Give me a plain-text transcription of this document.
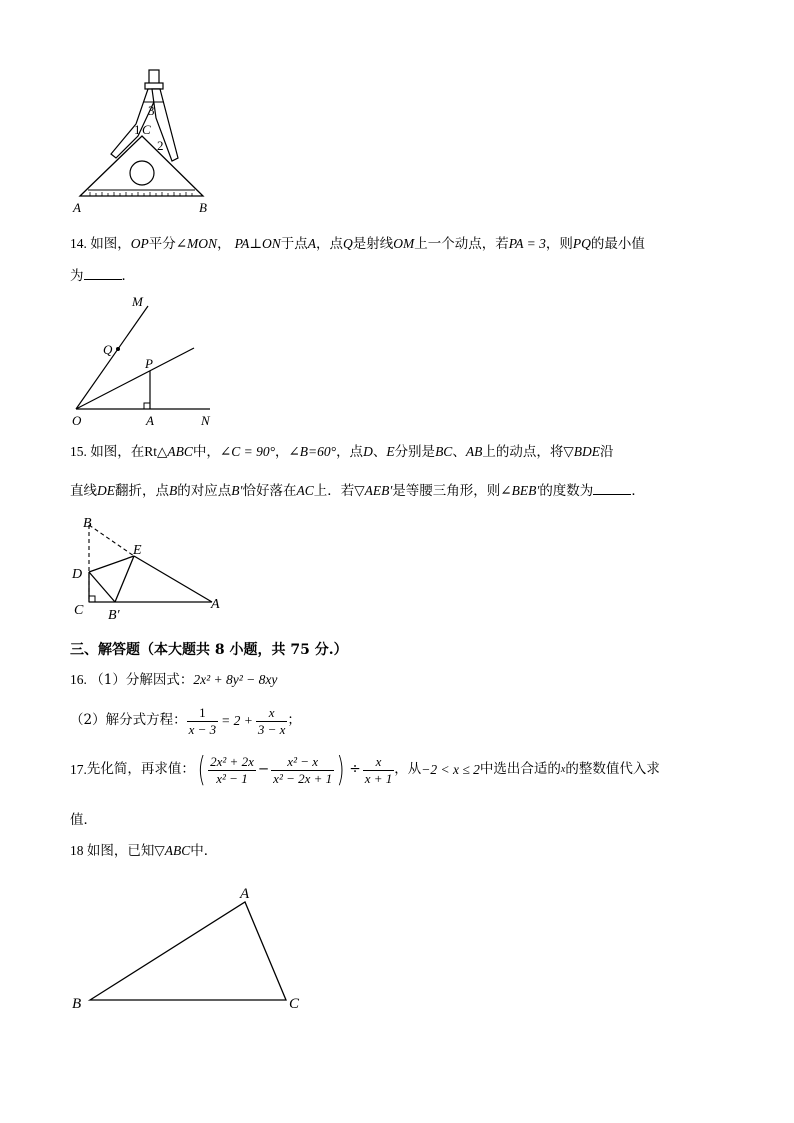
3
1 C
2
A	B
14. 如图，OP平分∠MON， PA⊥ON于点A，点Q是射线OM上一个动点，若PA = 3，则PQ的最小值
为	．
M
Q
P
O	A	N
15. 如图，在Rt△ABC中，∠C = 90°，∠B=60°，点D、E分别是BC、AB上的动点，将▽BDE沿
直线DE翻折，点B的对应点B′恰好落在AC上．若▽AEB′是等腰三角形，则∠BEB′的度数为	．
B
E
D
C B′
A
三、解答题（本大题共 8 小题，共 75 分.）
16. （1）分解因式：2x² + 8y² − 8xy
（2）解分式方程： $\frac{1}{x - 3} = 2 + \frac{x}{3 - x}$ ；
17. 先化简，再求值： ( $\frac{\text{2x² + 2x}}{\text{x² − 1}} - \frac{\text{x² − x}}{\text{x² − 2x + 1}}$ ) ÷ $\frac{x}{x + 1}$ ，从 −2 < x ≤ 2 中选出合适的 x 的整数值代入求
值．
18 如图，已知▽ABC中．
A
B	C
